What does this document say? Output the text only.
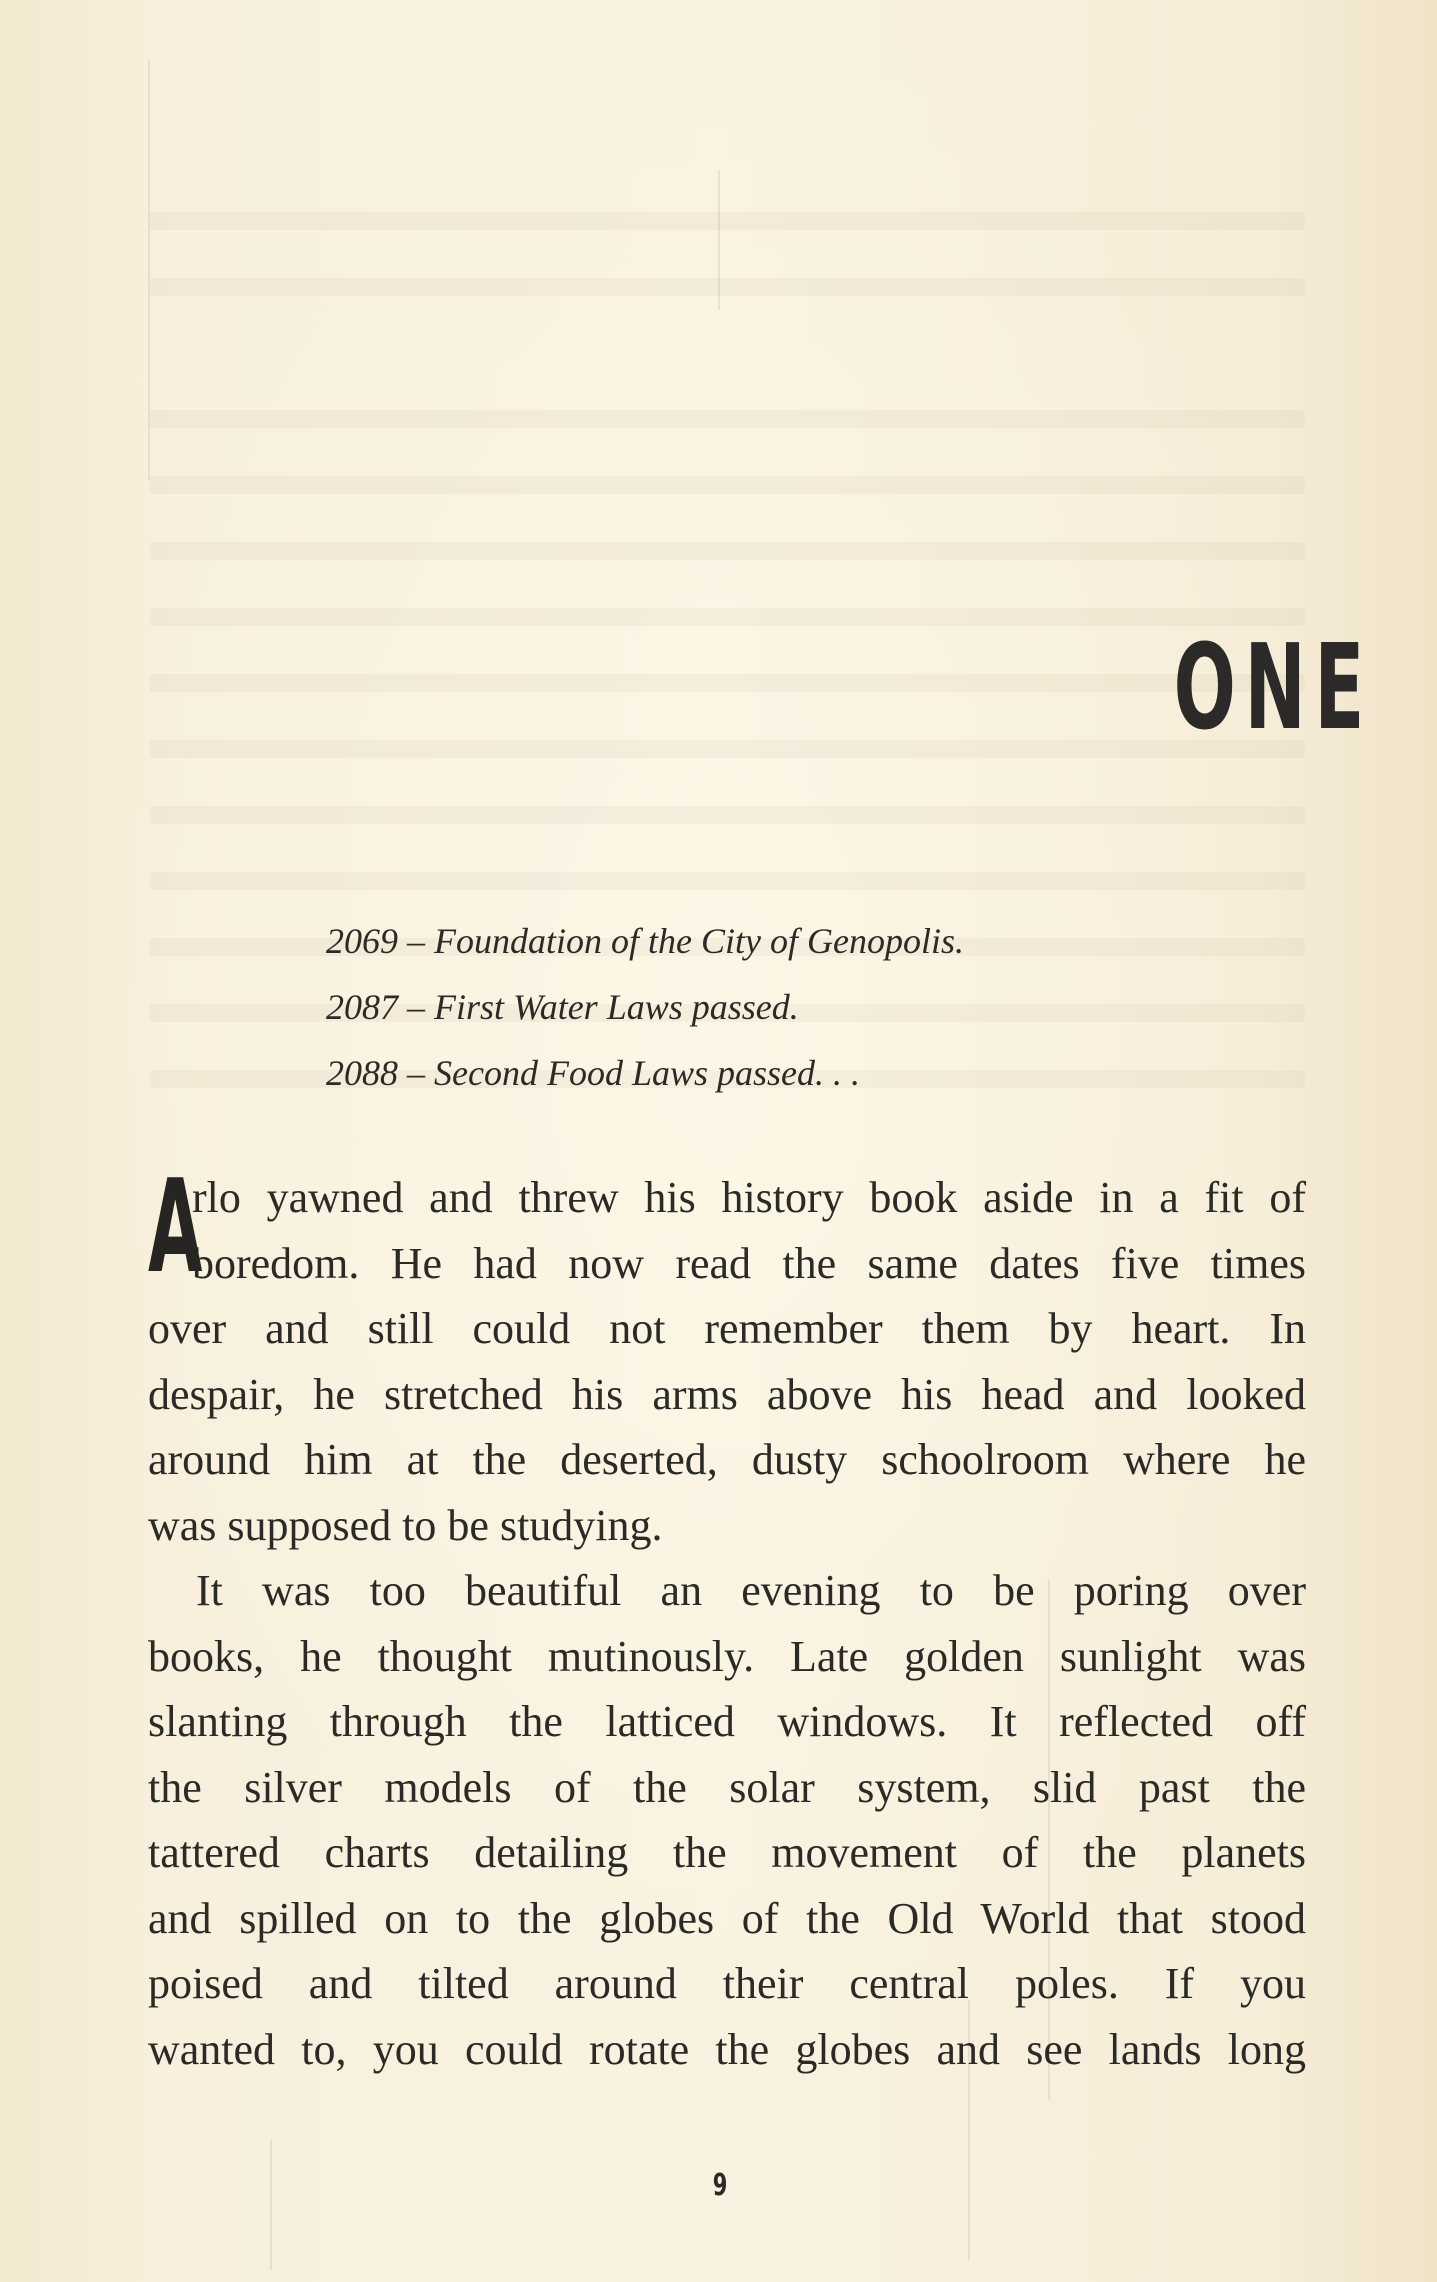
ONE
2069 – Foundation of the City of Genopolis.
2087 – First Water Laws passed.
2088 – Second Food Laws passed. . .
A
rlo yawned and threw his history book aside in a fit of
boredom. He had now read the same dates five times
over and still could not remember them by heart. In
despair, he stretched his arms above his head and looked
around him at the deserted, dusty schoolroom where he
was supposed to be studying.
It was too beautiful an evening to be poring over
books, he thought mutinously. Late golden sunlight was
slanting through the latticed windows. It reflected off
the silver models of the solar system, slid past the
tattered charts detailing the movement of the planets
and spilled on to the globes of the Old World that stood
poised and tilted around their central poles. If you
wanted to, you could rotate the globes and see lands long
9
